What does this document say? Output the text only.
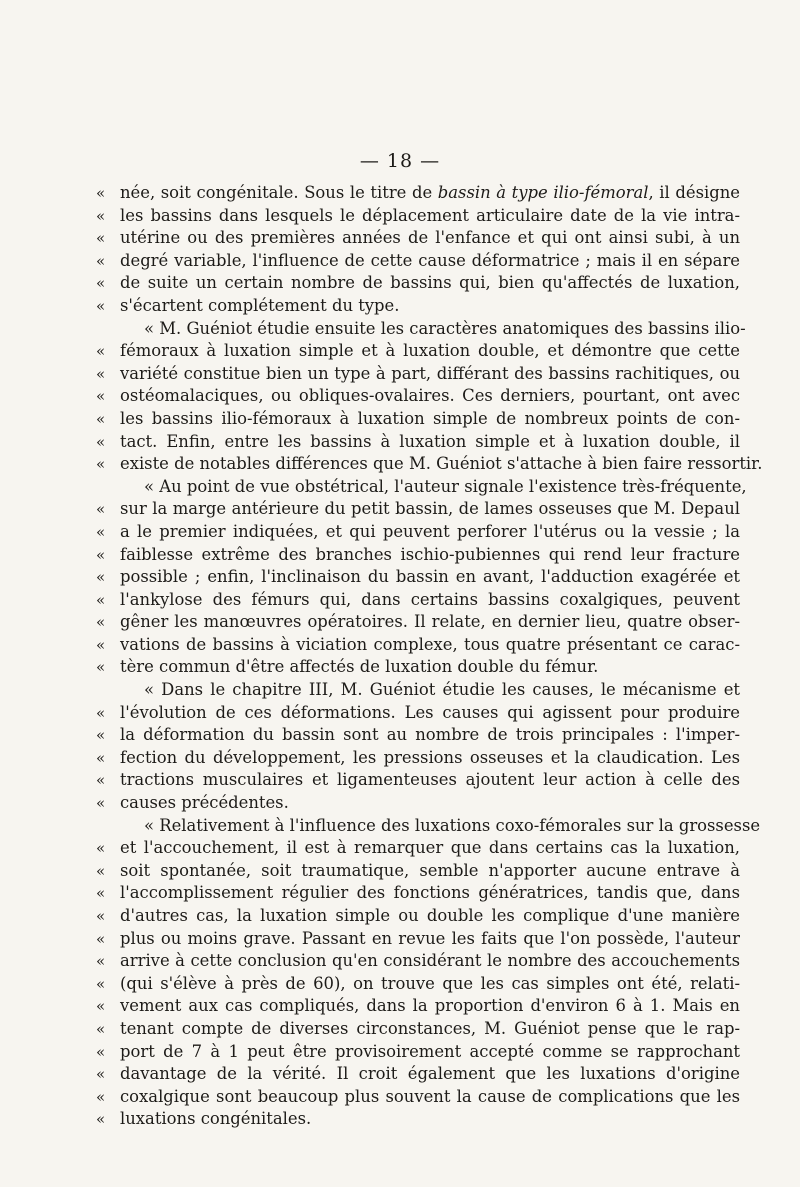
— 18 —
« née, soit congénitale. Sous le titre de bassin à type ilio-fémoral, il désigne
« les bassins dans lesquels le déplacement articulaire date de la vie intra-
« utérine ou des premières années de l'enfance et qui ont ainsi subi, à un
« degré variable, l'influence de cette cause déformatrice ; mais il en sépare
« de suite un certain nombre de bassins qui, bien qu'affectés de luxation,
« s'écartent complétement du type.
« M. Guéniot étudie ensuite les caractères anatomiques des bassins ilio-
« fémoraux à luxation simple et à luxation double, et démontre que cette
« variété constitue bien un type à part, différant des bassins rachitiques, ou
« ostéomalaciques, ou obliques-ovalaires. Ces derniers, pourtant, ont avec
« les bassins ilio-fémoraux à luxation simple de nombreux points de con-
« tact. Enfin, entre les bassins à luxation simple et à luxation double, il
« existe de notables différences que M. Guéniot s'attache à bien faire ressortir.
« Au point de vue obstétrical, l'auteur signale l'existence très-fréquente,
« sur la marge antérieure du petit bassin, de lames osseuses que M. Depaul
« a le premier indiquées, et qui peuvent perforer l'utérus ou la vessie ; la
« faiblesse extrême des branches ischio-pubiennes qui rend leur fracture
« possible ; enfin, l'inclinaison du bassin en avant, l'adduction exagérée et
« l'ankylose des fémurs qui, dans certains bassins coxalgiques, peuvent
« gêner les manœuvres opératoires. Il relate, en dernier lieu, quatre obser-
« vations de bassins à viciation complexe, tous quatre présentant ce carac-
« tère commun d'être affectés de luxation double du fémur.
« Dans le chapitre III, M. Guéniot étudie les causes, le mécanisme et
« l'évolution de ces déformations. Les causes qui agissent pour produire
« la déformation du bassin sont au nombre de trois principales : l'imper-
« fection du développement, les pressions osseuses et la claudication. Les
« tractions musculaires et ligamenteuses ajoutent leur action à celle des
« causes précédentes.
« Relativement à l'influence des luxations coxo-fémorales sur la grossesse
« et l'accouchement, il est à remarquer que dans certains cas la luxation,
« soit spontanée, soit traumatique, semble n'apporter aucune entrave à
« l'accomplissement régulier des fonctions génératrices, tandis que, dans
« d'autres cas, la luxation simple ou double les complique d'une manière
« plus ou moins grave. Passant en revue les faits que l'on possède, l'auteur
« arrive à cette conclusion qu'en considérant le nombre des accouchements
« (qui s'élève à près de 60), on trouve que les cas simples ont été, relati-
« vement aux cas compliqués, dans la proportion d'environ 6 à 1. Mais en
« tenant compte de diverses circonstances, M. Guéniot pense que le rap-
« port de 7 à 1 peut être provisoirement accepté comme se rapprochant
« davantage de la vérité. Il croit également que les luxations d'origine
« coxalgique sont beaucoup plus souvent la cause de complications que les
« luxations congénitales.
